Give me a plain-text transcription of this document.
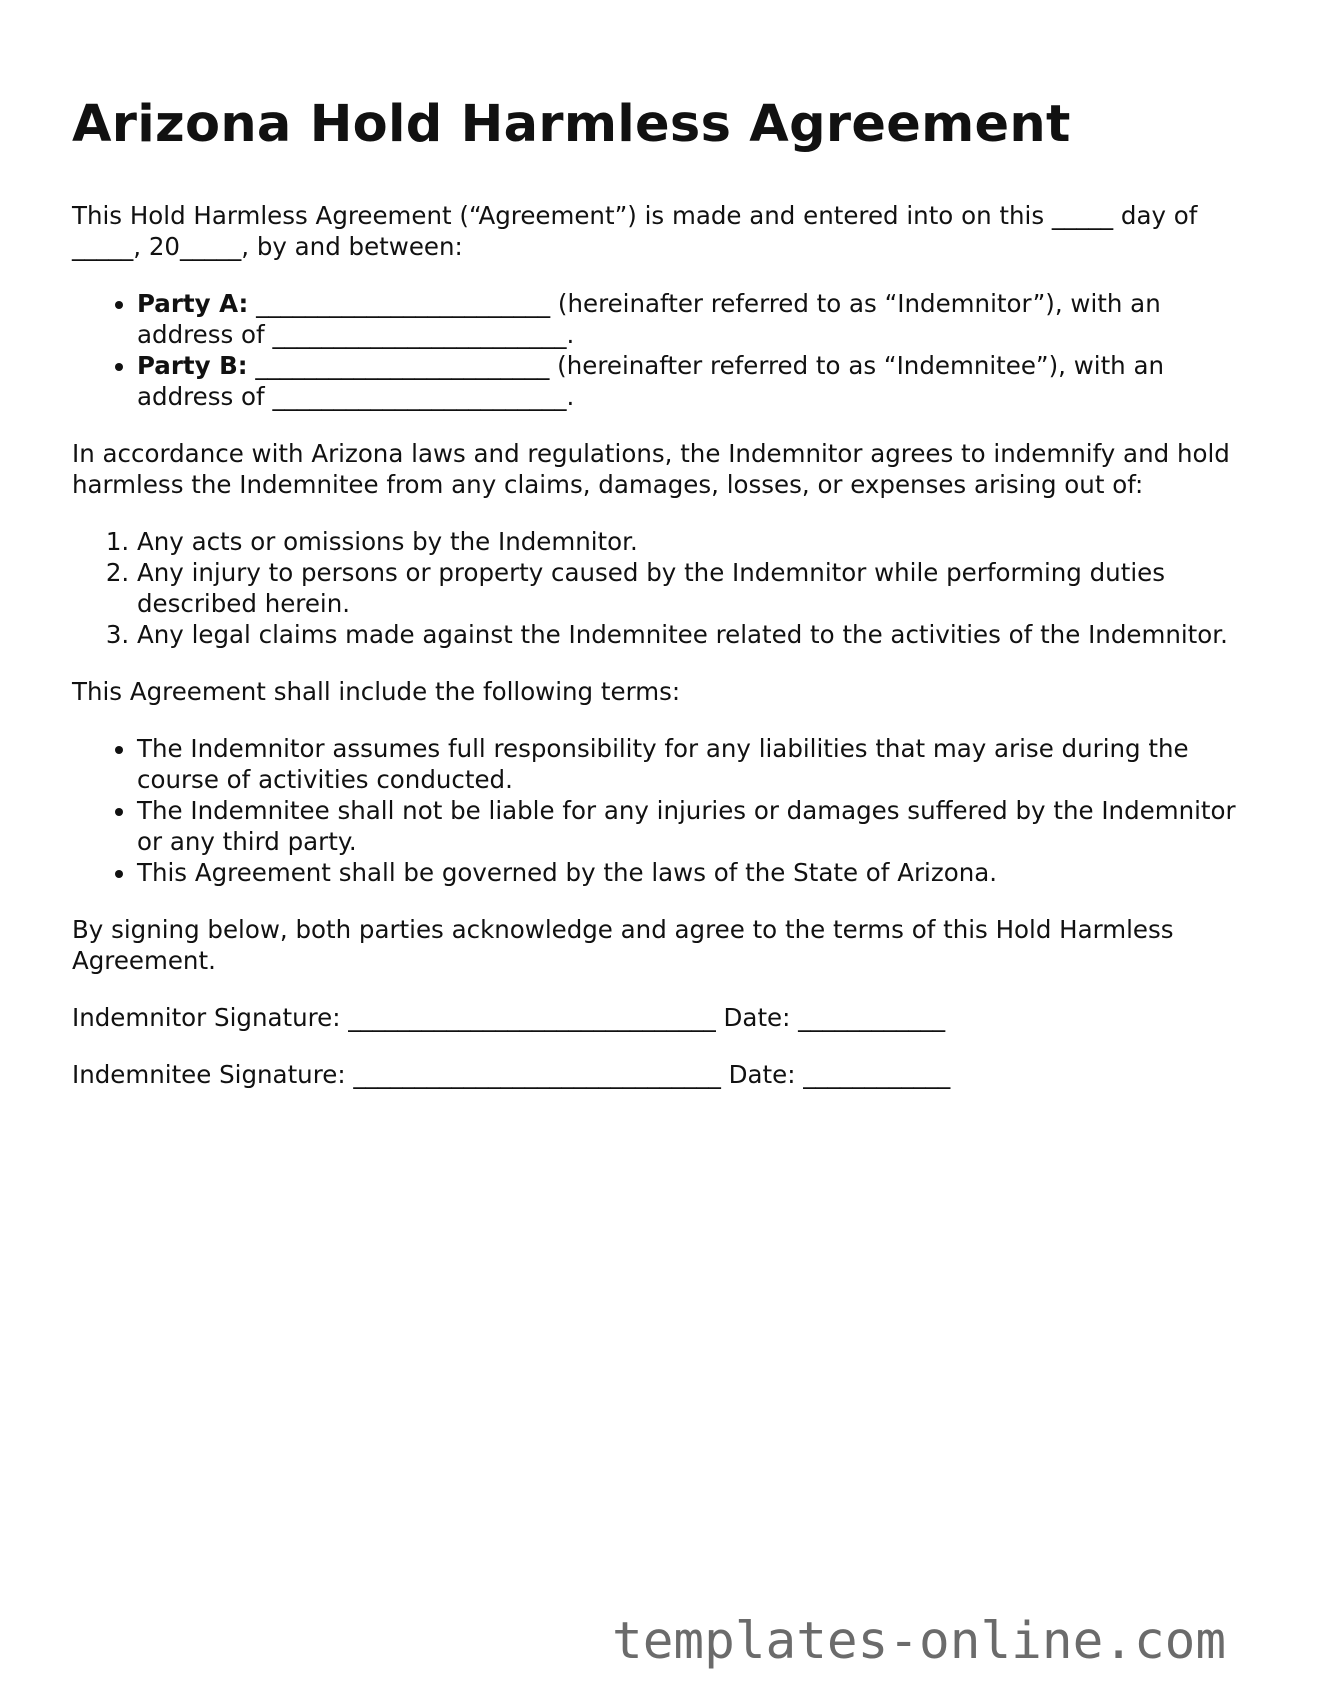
Arizona Hold Harmless Agreement

This Hold Harmless Agreement (“Agreement”) is made and entered into on this _____ day of _____, 20_____, by and between:

• Party A: ________________________ (hereinafter referred to as “Indemnitor”), with an address of ________________________.
• Party B: ________________________ (hereinafter referred to as “Indemnitee”), with an address of ________________________.

In accordance with Arizona laws and regulations, the Indemnitor agrees to indemnify and hold harmless the Indemnitee from any claims, damages, losses, or expenses arising out of:

1. Any acts or omissions by the Indemnitor.
2. Any injury to persons or property caused by the Indemnitor while performing duties described herein.
3. Any legal claims made against the Indemnitee related to the activities of the Indemnitor.

This Agreement shall include the following terms:

• The Indemnitor assumes full responsibility for any liabilities that may arise during the course of activities conducted.
• The Indemnitee shall not be liable for any injuries or damages suffered by the Indemnitor or any third party.
• This Agreement shall be governed by the laws of the State of Arizona.

By signing below, both parties acknowledge and agree to the terms of this Hold Harmless Agreement.

Indemnitor Signature: ______________________________ Date: ____________

Indemnitee Signature: ______________________________ Date: ____________

templates-online.com
